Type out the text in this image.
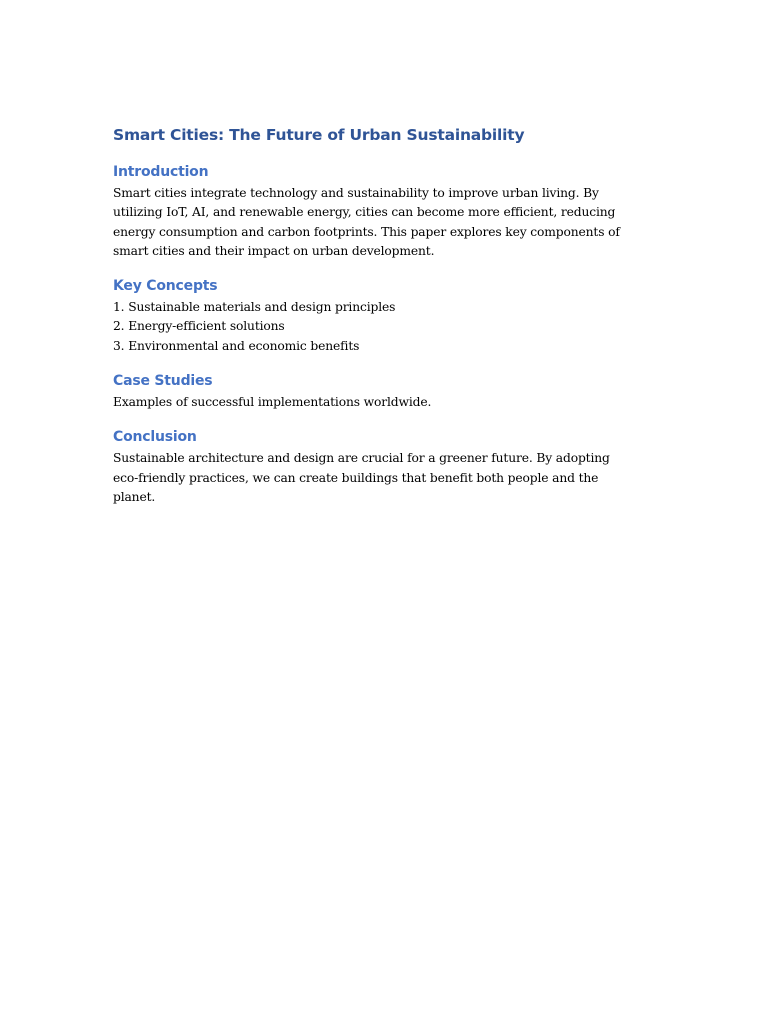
Smart Cities: The Future of Urban Sustainability
Introduction

Smart cities integrate technology and sustainability to improve urban living. By utilizing IoT, AI, and renewable energy, cities can become more efficient, reducing energy consumption and carbon footprints. This paper explores key components of smart cities and their impact on urban development.

Key Concepts
1. Sustainable materials and design principles
2. Energy-efficient solutions
3. Environmental and economic benefits
Case Studies

Examples of successful implementations worldwide.

Conclusion

Sustainable architecture and design are crucial for a greener future. By adopting eco-friendly practices, we can create buildings that benefit both people and the planet.
